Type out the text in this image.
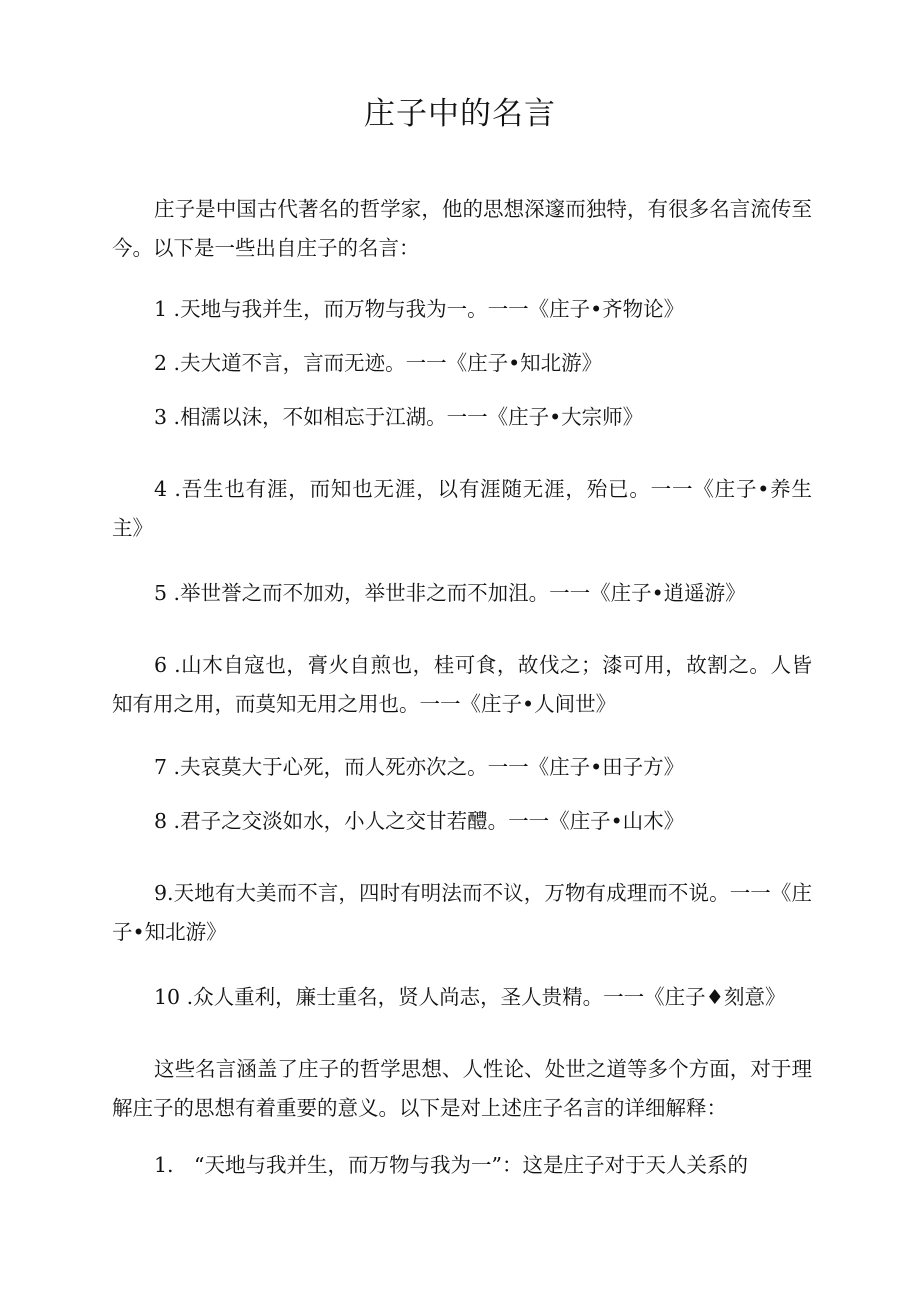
庄子中的名言

庄子是中国古代著名的哲学家，他的思想深邃而独特，有很多名言流传至今。以下是一些出自庄子的名言：

1 .天地与我并生，而万物与我为一。一一《庄子•齐物论》

2 .夫大道不言，言而无迹。一一《庄子•知北游》

3 .相濡以沫，不如相忘于江湖。一一《庄子•大宗师》

4 .吾生也有涯，而知也无涯，以有涯随无涯，殆已。一一《庄子•养生主》

5 .举世誉之而不加劝，举世非之而不加沮。一一《庄子•逍遥游》

6 .山木自寇也，膏火自煎也，桂可食，故伐之；漆可用，故割之。人皆知有用之用，而莫知无用之用也。一一《庄子•人间世》

7 .夫哀莫大于心死，而人死亦次之。一一《庄子•田子方》

8 .君子之交淡如水，小人之交甘若醴。一一《庄子•山木》

9.天地有大美而不言，四时有明法而不议，万物有成理而不说。一一《庄子•知北游》

10 .众人重利，廉士重名，贤人尚志，圣人贵精。一一《庄子♦刻意》

这些名言涵盖了庄子的哲学思想、人性论、处世之道等多个方面，对于理解庄子的思想有着重要的意义。以下是对上述庄子名言的详细解释：

1.　“天地与我并生，而万物与我为一”：这是庄子对于天人关系的
